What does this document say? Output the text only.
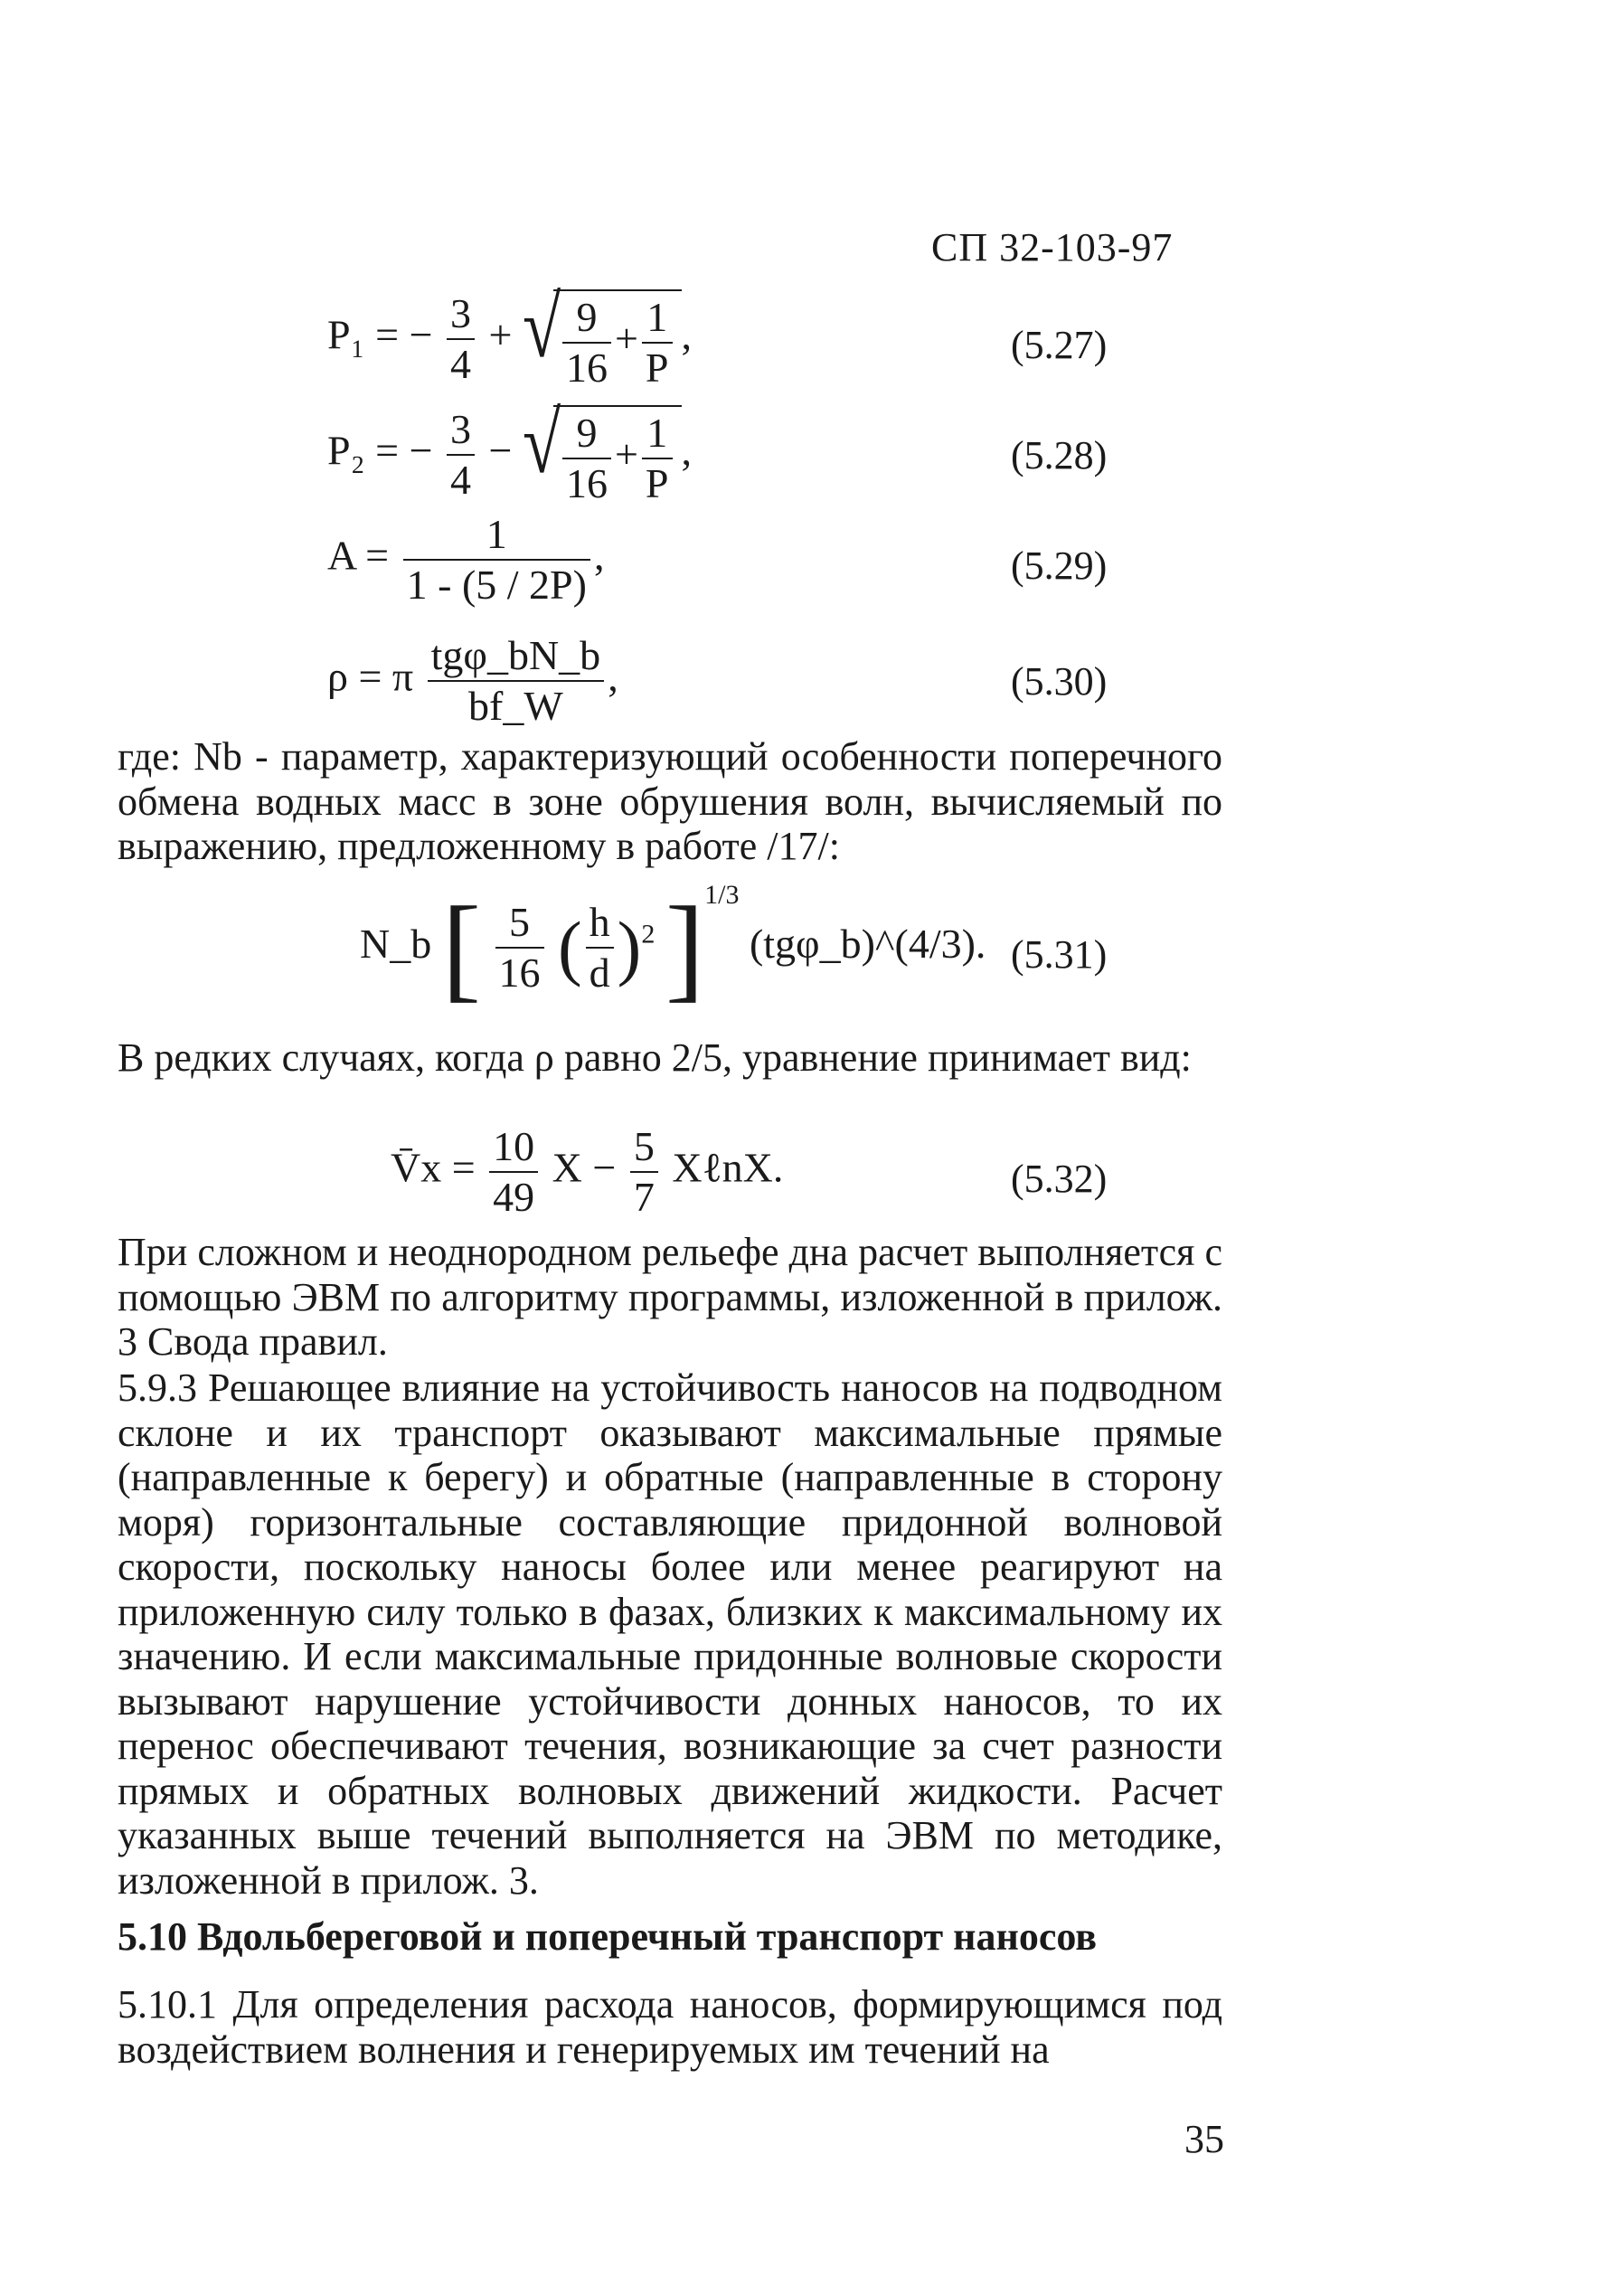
СП 32-103-97
P₁ = − $\frac{3}{4}$ + √ $\frac{9}{16} + \frac{1}{P}$ ,	(5.27)
P₂ = − $\frac{3}{4}$ − √ $\frac{9}{16} + \frac{1}{P}$ ,	(5.28)
$A = \frac{1}{1 - (5 / 2P)}$ ,	(5.29)
ρ = π $\frac{\text{tgφ\_bN\_b}}{bf\_W}$ ,	(5.30)

где: Nb - параметр, характеризующий особенности поперечного обмена водных масс в зоне обрушения волн, вычисляемый по выражению, предложенному в работе /17/:

N_b [ $\frac{5}{16}$ ( $\frac{h}{d} )^2$ ]$^{1/3}$ (tgφ_b)^(4/3). (5.31)

В редких случаях, когда ρ равно 2/5, уравнение принимает вид:

V̄x = $\frac{10}{49}$ $X - \frac{5}{7}$ XℓnX.	(5.32)

При сложном и неоднородном рельефе дна расчет выполняется с помощью ЭВМ по алгоритму программы, изложенной в прилож. 3 Свода правил.

5.9.3 Решающее влияние на устойчивость наносов на подводном склоне и их транспорт оказывают максимальные прямые (направленные к берегу) и обратные (направленные в сторону моря) горизонтальные составляющие придонной волновой скорости, поскольку наносы более или менее реагируют на приложенную силу только в фазах, близких к максимальному их значению. И если максимальные придонные волновые скорости вызывают нарушение устойчивости донных наносов, то их перенос обеспечивают течения, возникающие за счет разности прямых и обратных волновых движений жидкости. Расчет указанных выше течений выполняется на ЭВМ по методике, изложенной в прилож. 3.

5.10 Вдольбереговой и поперечный транспорт наносов

5.10.1 Для определения расхода наносов, формирующимся под воздействием волнения и генерируемых им течений на

35
